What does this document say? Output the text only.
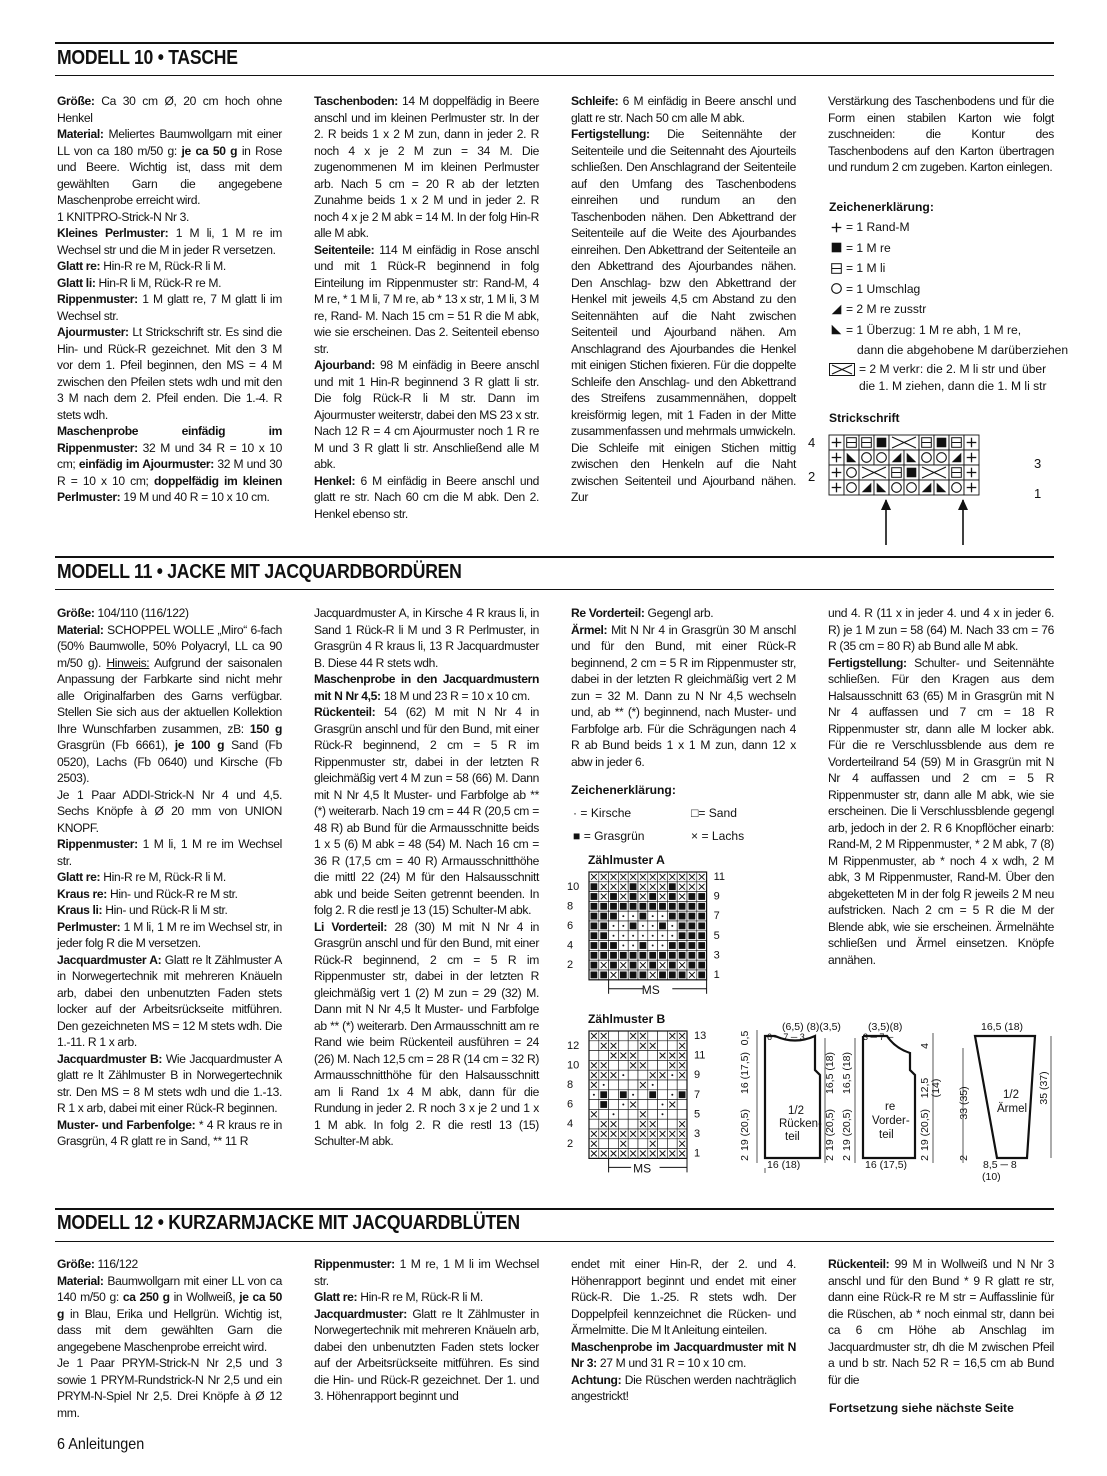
MODELL 10 • TASCHE

Größe: Ca 30 cm Ø, 20 cm hoch ohne Henkel

Material: Meliertes Baumwollgarn mit einer LL von ca 180 m/50 g: je ca 50 g in Rose und Beere. Wichtig ist, dass mit dem gewählten Garn die angegebene Maschenprobe erreicht wird.

1 KNITPRO-Strick-N Nr 3.

Kleines Perlmuster: 1 M li, 1 M re im Wechsel str und die M in jeder R versetzen.

Glatt re: Hin-R re M, Rück-R li M.

Glatt li: Hin-R li M, Rück-R re M.

Rippenmuster: 1 M glatt re, 7 M glatt li im Wechsel str.

Ajourmuster: Lt Strickschrift str. Es sind die Hin- und Rück-R gezeichnet. Mit den 3 M vor dem 1. Pfeil beginnen, den MS = 4 M zwischen den Pfeilen stets wdh und mit den 3 M nach dem 2. Pfeil enden. Die 1.-4. R stets wdh.

Maschenprobe einfädig im Rippenmuster: 32 M und 34 R = 10 x 10 cm; einfädig im Ajourmuster: 32 M und 30 R = 10 x 10 cm; doppelfädig im kleinen Perlmuster: 19 M und 40 R = 10 x 10 cm.

Taschenboden: 14 M doppelfädig in Beere anschl und im kleinen Perlmuster str. In der 2. R beids 1 x 2 M zun, dann in jeder 2. R noch 4 x je 2 M zun = 34 M. Die zugenommenen M im kleinen Perlmuster arb. Nach 5 cm = 20 R ab der letzten Zunahme beids 1 x 2 M und in jeder 2. R noch 4 x je 2 M abk = 14 M. In der folg Hin-R alle M abk.

Seitenteile: 114 M einfädig in Rose anschl und mit 1 Rück-R beginnend in folg Einteilung im Rippenmuster str: Rand-M, 4 M re, * 1 M li, 7 M re, ab * 13 x str, 1 M li, 3 M re, Rand- M. Nach 15 cm = 51 R die M abk, wie sie erscheinen. Das 2. Seitenteil ebenso str.

Ajourband: 98 M einfädig in Beere anschl und mit 1 Hin-R beginnend 3 R glatt li str. Die folg Rück-R li M str. Dann im Ajourmuster weiterstr, dabei den MS 23 x str. Nach 12 R = 4 cm Ajourmuster noch 1 R re M und 3 R glatt li str. Anschließend alle M abk.

Henkel: 6 M einfädig in Beere anschl und glatt re str. Nach 60 cm die M abk. Den 2. Henkel ebenso str.

Schleife: 6 M einfädig in Beere anschl und glatt re str. Nach 50 cm alle M abk.

Fertigstellung: Die Seitennähte der Seitenteile und die Seitennaht des Ajourteils schließen. Den Anschlagrand der Seitenteile auf den Umfang des Taschenbodens einreihen und rundum an den Taschenboden nähen. Den Abkettrand der Seitenteile auf die Weite des Ajourbandes einreihen. Den Abkettrand der Seitenteile an den Abkettrand des Ajourbandes nähen. Den Anschlag- bzw den Abkettrand der Henkel mit jeweils 4,5 cm Abstand zu den Seitennähten auf die Naht zwischen Seitenteil und Ajourband nähen. Am Anschlagrand des Ajourbandes die Henkel mit einigen Stichen fixieren. Für die doppelte Schleife den Anschlag- und den Abkettrand des Streifens zusammennähen, doppelt kreisförmig legen, mit 1 Faden in der Mitte zusammenfassen und mehrmals umwickeln.

Die Schleife mit einigen Stichen mittig zwischen den Henkeln auf die Naht zwischen Seitenteil und Ajourband nähen. Zur

Verstärkung des Taschenbodens und für die Form einen stabilen Karton wie folgt zuschneiden: die Kontur des Taschenbodens auf den Karton übertragen und rundum 2 cm zugeben. Karton einlegen.

Zeichenerklärung:
= 1 Rand-M
= 1 M re
= 1 M li
= 1 Umschlag
= 2 M re zusstr
= 1 Überzug: 1 M re abh, 1 M re,
dann die abgehobene M darüberziehen
= 2 M verkr: die 2. M li str und über
die 1. M ziehen, dann die 1. M li str
Strickschrift
4
2
3
1
MODELL 11 • JACKE MIT JACQUARDBORDÜREN

Größe: 104/110 (116/122)

Material: SCHOPPEL WOLLE „Miro“ 6-fach (50% Baumwolle, 50% Polyacryl, LL ca 90 m/50 g). Hinweis: Aufgrund der saisonalen Anpassung der Farbkarte sind nicht mehr alle Originalfarben des Garns verfügbar. Stellen Sie sich aus der aktuellen Kollektion Ihre Wunschfarben zusammen, zB: 150 g Grasgrün (Fb 6661), je 100 g Sand (Fb 0520), Lachs (Fb 0640) und Kirsche (Fb 2503).

Je 1 Paar ADDI-Strick-N Nr 4 und 4,5. Sechs Knöpfe à Ø 20 mm von UNION KNOPF.

Rippenmuster: 1 M li, 1 M re im Wechsel str.

Glatt re: Hin-R re M, Rück-R li M.

Kraus re: Hin- und Rück-R re M str.

Kraus li: Hin- und Rück-R li M str.

Perlmuster: 1 M li, 1 M re im Wechsel str, in jeder folg R die M versetzen.

Jacquardmuster A: Glatt re lt Zählmuster A in Norwegertechnik mit mehreren Knäueln arb, dabei den unbenutzten Faden stets locker auf der Arbeitsrückseite mitführen. Den gezeichneten MS = 12 M stets wdh. Die 1.-11. R 1 x arb.

Jacquardmuster B: Wie Jacquardmuster A glatt re lt Zählmuster B in Norwegertechnik str. Den MS = 8 M stets wdh und die 1.-13. R 1 x arb, dabei mit einer Rück-R beginnen.

Muster- und Farbenfolge: * 4 R kraus re in Grasgrün, 4 R glatt re in Sand, ** 11 R

Jacquardmuster A, in Kirsche 4 R kraus li, in Sand 1 Rück-R li M und 3 R Perlmuster, in Grasgrün 4 R kraus li, 13 R Jacquardmuster B. Diese 44 R stets wdh.

Maschenprobe in den Jacquardmustern mit N Nr 4,5: 18 M und 23 R = 10 x 10 cm.

Rückenteil: 54 (62) M mit N Nr 4 in Grasgrün anschl und für den Bund, mit einer Rück-R beginnend, 2 cm = 5 R im Rippenmuster str, dabei in der letzten R gleichmäßig vert 4 M zun = 58 (66) M. Dann mit N Nr 4,5 lt Muster- und Farbfolge ab ** (*) weiterarb. Nach 19 cm = 44 R (20,5 cm = 48 R) ab Bund für die Armausschnitte beids 1 x 5 (6) M abk = 48 (54) M. Nach 16 cm = 36 R (17,5 cm = 40 R) Armausschnitthöhe die mittl 22 (24) M für den Halsausschnitt abk und beide Seiten getrennt beenden. In folg 2. R die restl je 13 (15) Schulter-M abk.

Li Vorderteil: 28 (30) M mit N Nr 4 in Grasgrün anschl und für den Bund, mit einer Rück-R beginnend, 2 cm = 5 R im Rippenmuster str, dabei in der letzten R gleichmäßig vert 1 (2) M zun = 29 (32) M. Dann mit N Nr 4,5 lt Muster- und Farbfolge ab ** (*) weiterarb. Den Armausschnitt am re Rand wie beim Rückenteil ausführen = 24 (26) M. Nach 12,5 cm = 28 R (14 cm = 32 R) Armausschnitthöhe für den Halsausschnitt am li Rand 1x 4 M abk, dann für die Rundung in jeder 2. R noch 3 x je 2 und 1 x 1 M abk. In folg 2. R die restl 13 (15) Schulter-M abk.

Re Vorderteil: Gegengl arb.

Ärmel: Mit N Nr 4 in Grasgrün 30 M anschl und für den Bund, mit einer Rück-R beginnend, 2 cm = 5 R im Rippenmuster str, dabei in der letzten R gleichmäßig vert 2 M zun = 32 M. Dann zu N Nr 4,5 wechseln und, ab ** (*) beginnend, nach Muster- und Farbfolge arb. Für die Schrägungen nach 4 R ab Bund beids 1 x 1 M zun, dann 12 x abw in jeder 6.

und 4. R (11 x in jeder 4. und 4 x in jeder 6. R) je 1 M zun = 58 (64) M. Nach 33 cm = 76 R (35 cm = 80 R) ab Bund alle M abk.

Fertigstellung: Schulter- und Seitennähte schließen. Für den Kragen aus dem Halsausschnitt 63 (65) M in Grasgrün mit N Nr 4 auffassen und 7 cm = 18 R Rippenmuster str, dann alle M locker abk. Für die re Verschlussblende aus dem re Vorderteilrand 54 (59) M in Grasgrün mit N Nr 4 auffassen und 2 cm = 5 R Rippenmuster str, dann alle M abk, wie sie erscheinen. Die li Verschlussblende gegengl arb, jedoch in der 2. R 6 Knopflöcher einarb: Rand-M, 2 M Rippenmuster, * 2 M abk, 7 (8) M Rippenmuster, ab * noch 4 x wdh, 2 M abk, 3 M Rippenmuster, Rand-M. Über den abgeketteten M in der folg R jeweils 2 M neu aufstricken. Nach 2 cm = 5 R die M der Blende abk, wie sie erscheinen. Ärmelnähte schließen und Ärmel einsetzen. Knöpfe annähen.

Zeichenerklärung:
· = Kirsche	□= Sand
■ = Grasgrün	× = Lachs
Zählmuster A
10
8
6
4
2
11
9
7
5
3
1
MS
Zählmuster B
12
10
8
6
4
2
13
11
9
7
5
3
1
MS
(6,5) (8)(3,5)
6 ─ 7 ─ 3
1/2
Rücken-
teil
16 (17,5)
0,5
19 (20,5)
2
16,5 (18)
19 (20,5)
2
16 (18)
(3,5)(8)
3 ─ 7 ─
re
Vorder-
teil
16,5 (18)
19 (20,5)
2
4
12,5 (14)
19 (20,5)
2
16 (17,5)
16,5 (18)
1/2
Ärmel
33 (35)
2
35 (37)
8,5 ─ 8
(10)
MODELL 12 • KURZARMJACKE MIT JACQUARDBLÜTEN

Größe: 116/122

Material: Baumwollgarn mit einer LL von ca 140 m/50 g: ca 250 g in Wollweiß, je ca 50 g in Blau, Erika und Hellgrün. Wichtig ist, dass mit dem gewählten Garn die angegebene Maschenprobe erreicht wird.

Je 1 Paar PRYM-Strick-N Nr 2,5 und 3 sowie 1 PRYM-Rundstrick-N Nr 2,5 und ein PRYM-N-Spiel Nr 2,5. Drei Knöpfe à Ø 12 mm.

Rippenmuster: 1 M re, 1 M li im Wechsel str.

Glatt re: Hin-R re M, Rück-R li M.

Jacquardmuster: Glatt re lt Zählmuster in Norwegertechnik mit mehreren Knäueln arb, dabei den unbenutzten Faden stets locker auf der Arbeitsrückseite mitführen. Es sind die Hin- und Rück-R gezeichnet. Der 1. und 3. Höhenrapport beginnt und

endet mit einer Hin-R, der 2. und 4. Höhenrapport beginnt und endet mit einer Rück-R. Die 1.-25. R stets wdh. Der Doppelpfeil kennzeichnet die Rücken- und Ärmelmitte. Die M lt Anleitung einteilen.

Maschenprobe im Jacquardmuster mit N Nr 3: 27 M und 31 R = 10 x 10 cm.

Achtung: Die Rüschen werden nachträglich angestrickt!

Rückenteil: 99 M in Wollweiß und N Nr 3 anschl und für den Bund * 9 R glatt re str, dann eine Rück-R re M str = Auffasslinie für die Rüschen, ab * noch einmal str, dann bei ca 6 cm Höhe ab Anschlag im Jacquardmuster str, dh die M zwischen Pfeil a und b str. Nach 52 R = 16,5 cm ab Bund für die

Fortsetzung siehe nächste Seite
6 Anleitungen
